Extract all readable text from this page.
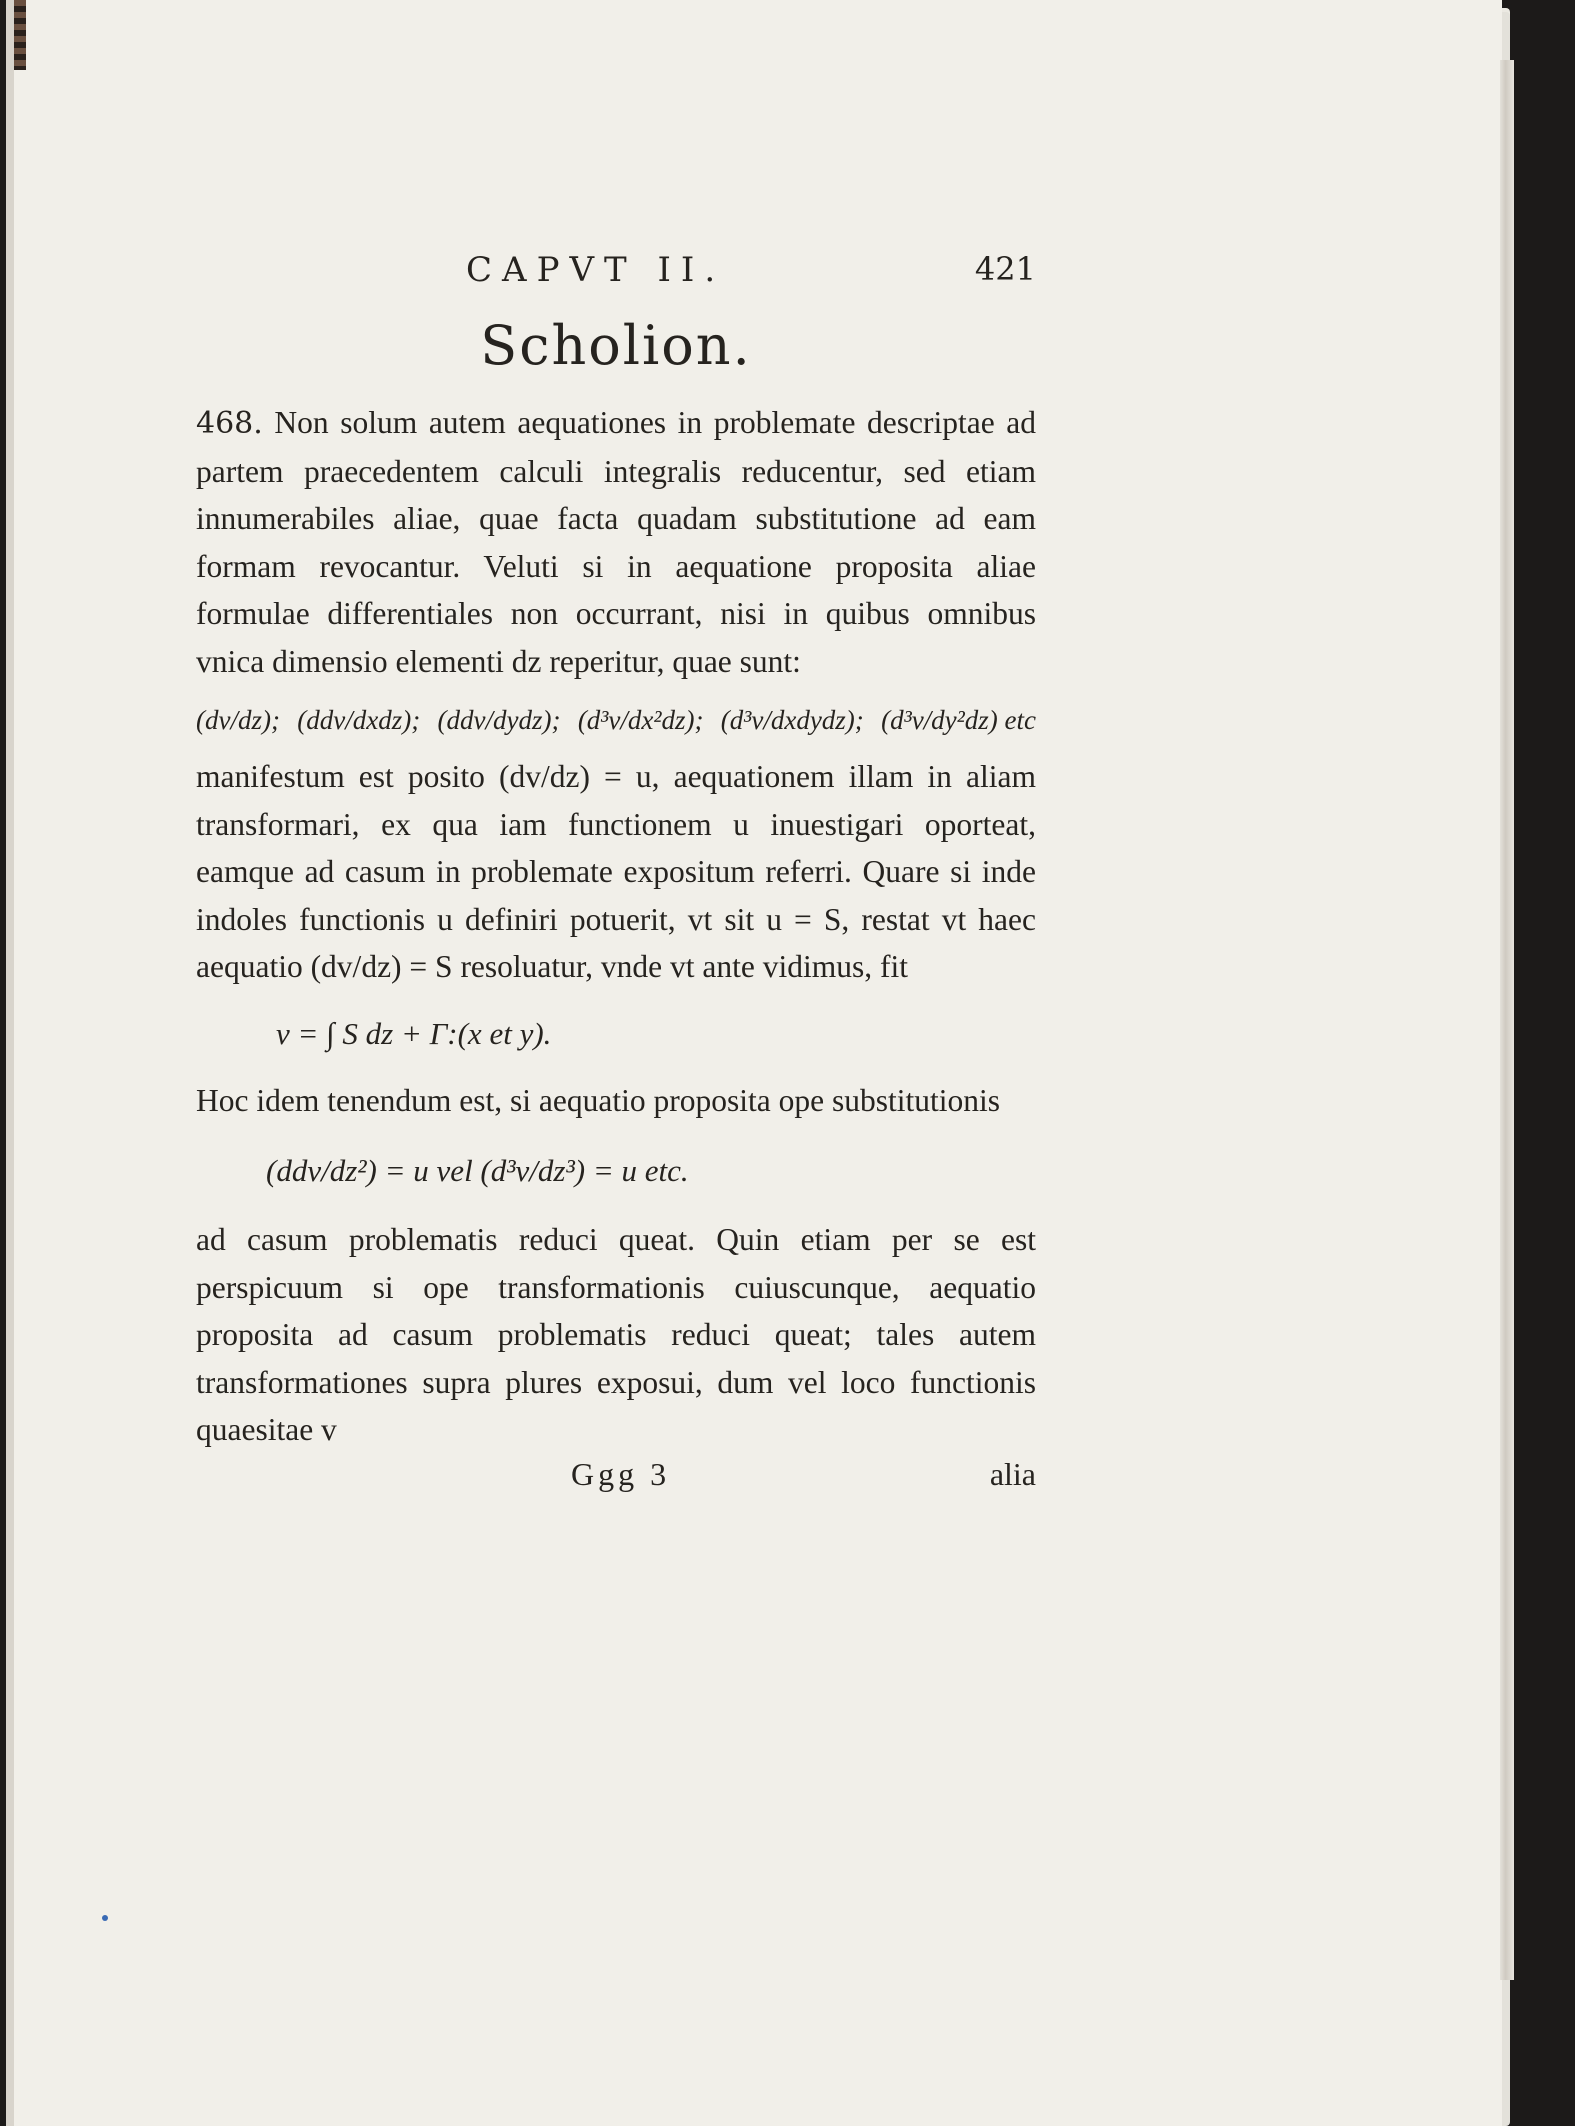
CAPVT II.	421
Scholion.

468. Non solum autem aequationes in problemate descriptae ad partem praecedentem calculi integralis reducentur, sed etiam innumerabiles aliae, quae facta quadam substitutione ad eam formam revocantur. Veluti si in aequatione proposita aliae formulae differentiales non occurrant, nisi in quibus omnibus vnica dimensio elementi dz reperitur, quae sunt:

(dv/dz); (ddv/dxdz); (ddv/dydz); (d³v/dx²dz); (d³v/dxdydz); (d³v/dy²dz) etc

manifestum est posito (dv/dz) = u, aequationem illam in aliam transformari, ex qua iam functionem u inuestigari oporteat, eamque ad casum in problemate expositum referri. Quare si inde indoles functionis u definiri potuerit, vt sit u = S, restat vt haec aequatio (dv/dz) = S resoluatur, vnde vt ante vidimus, fit

v = ∫ S dz + Γ:(x et y).

Hoc idem tenendum est, si aequatio proposita ope substitutionis

(ddv/dz²) = u vel (d³v/dz³) = u etc.

ad casum problematis reduci queat. Quin etiam per se est perspicuum si ope transformationis cuiuscunque, aequatio proposita ad casum problematis reduci queat; tales autem transformationes supra plures exposui, dum vel loco functionis quaesitae v

Ggg 3	alia
